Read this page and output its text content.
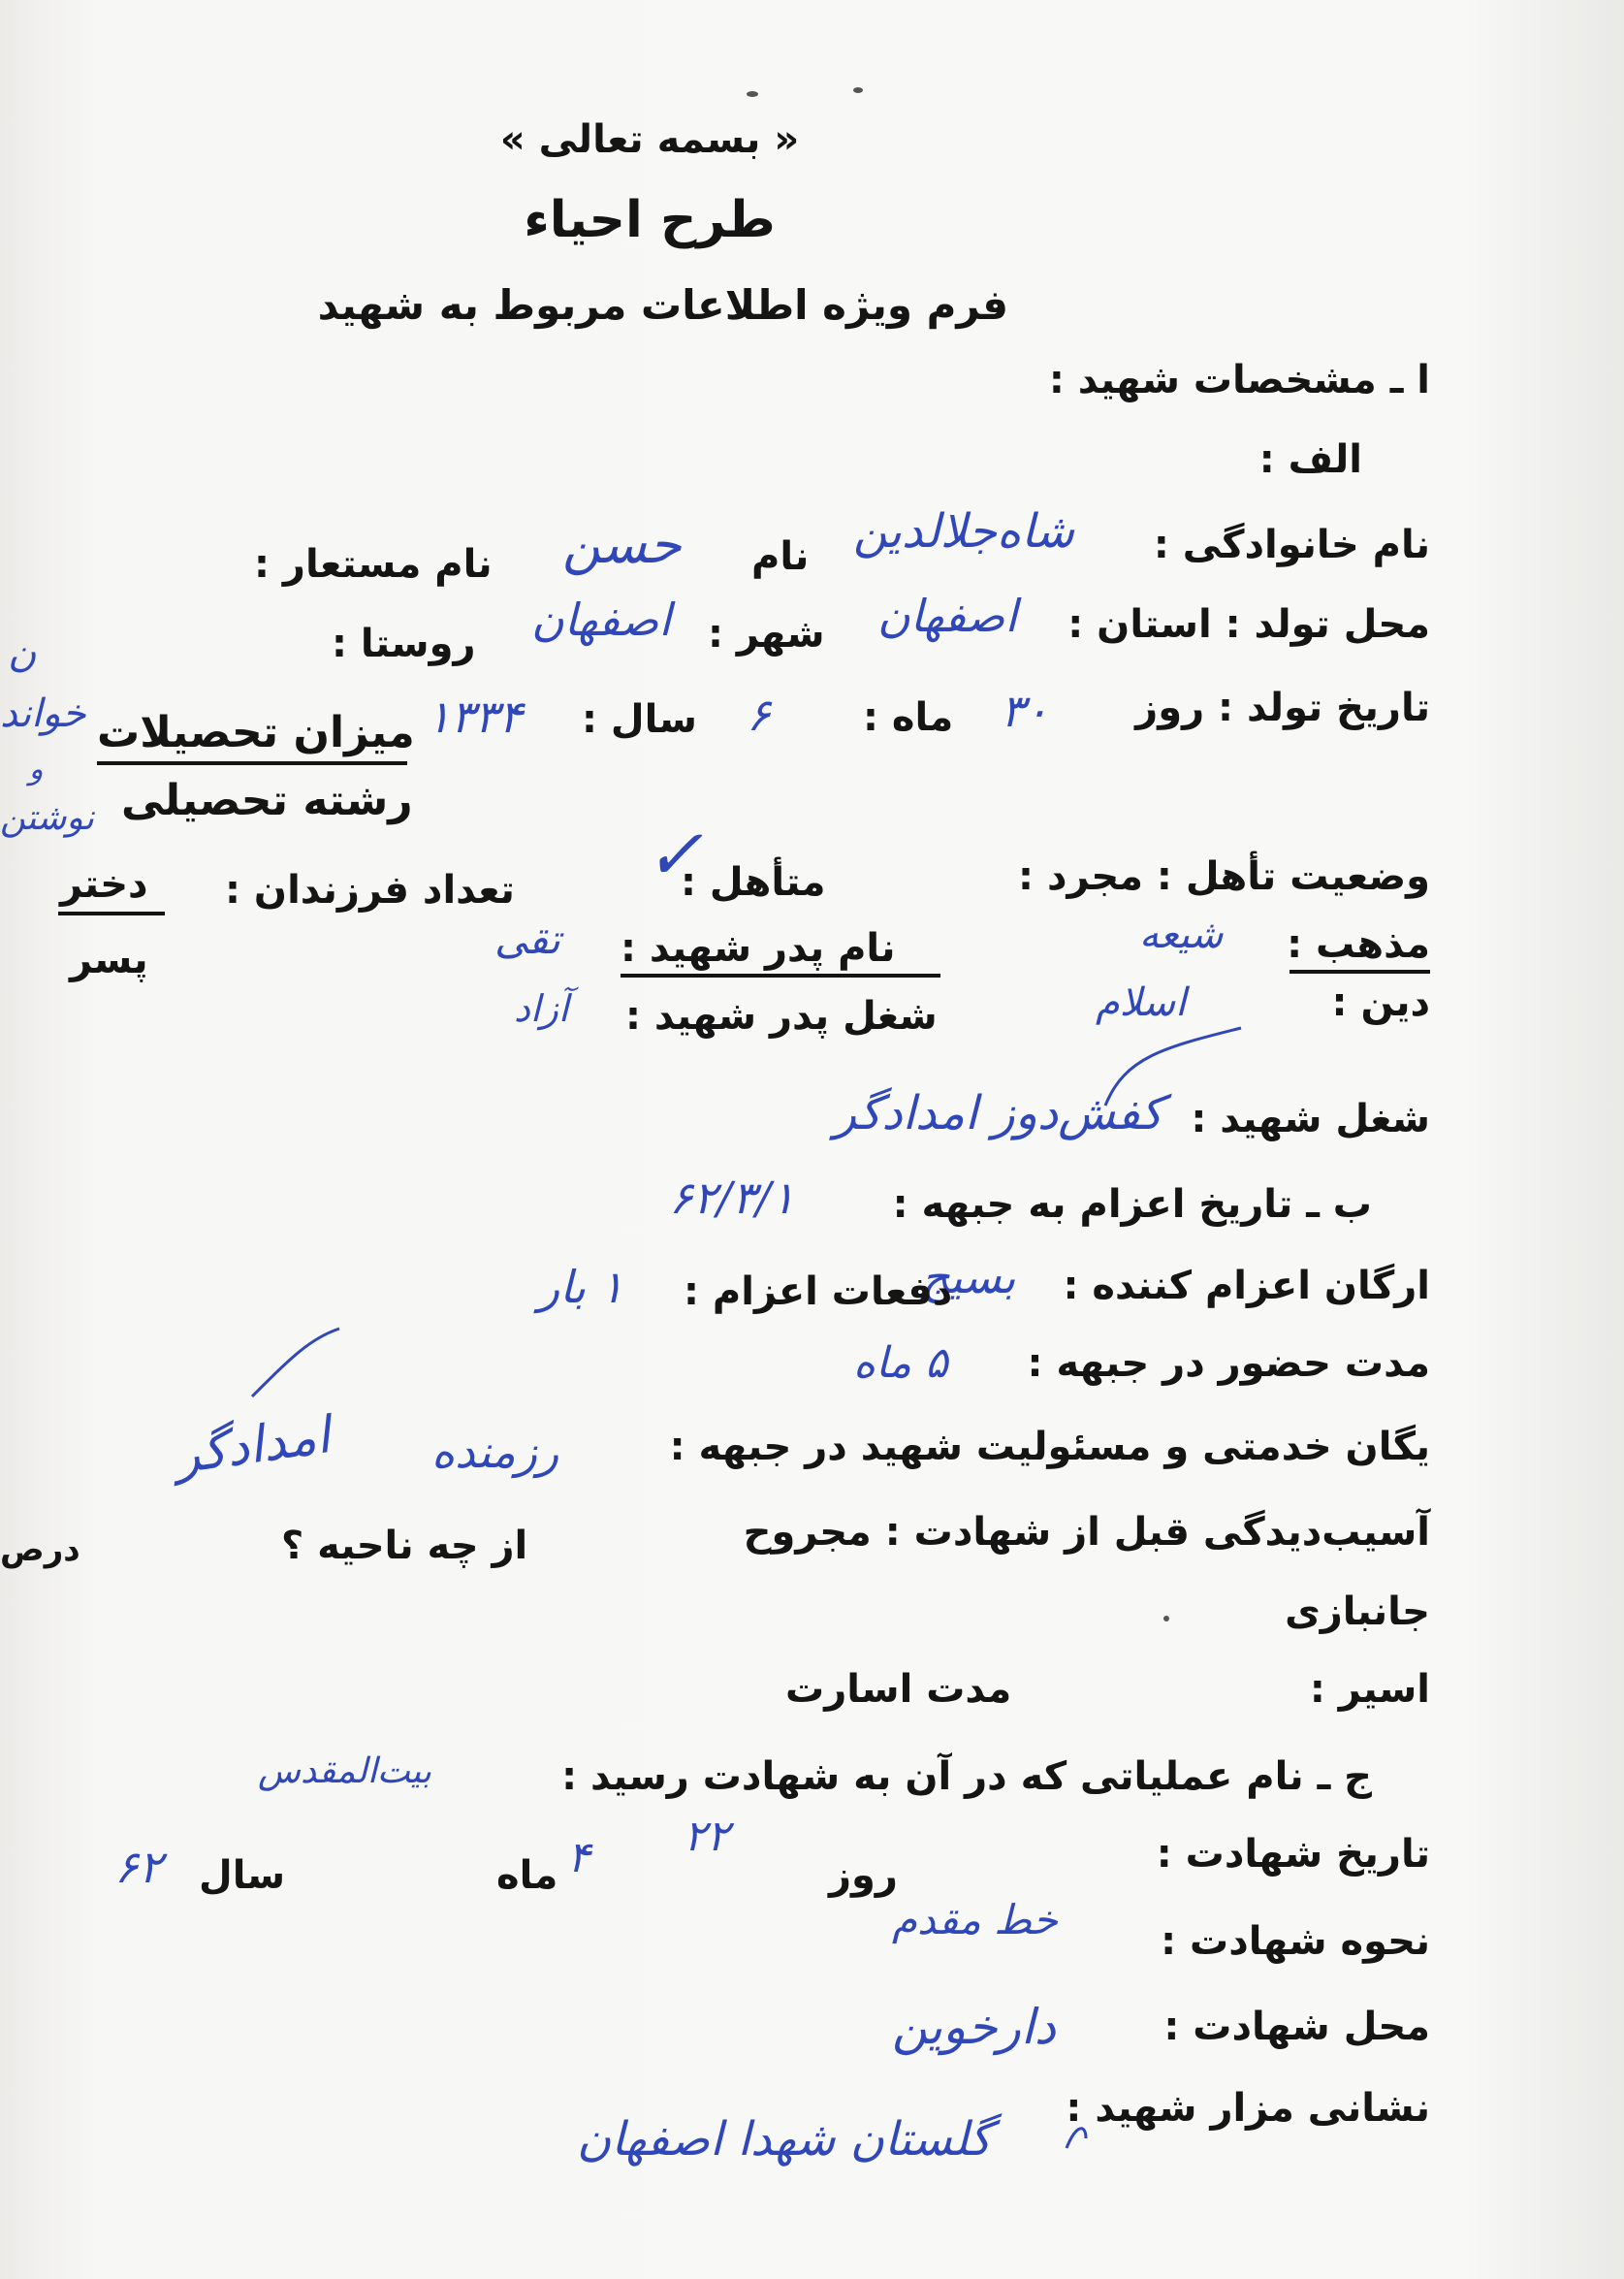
« بسمه تعالی »
طرح احیاء
فرم ویژه اطلاعات مربوط به شهید
ا ـ مشخصات شهید :
الف :
نام خانوادگی :
شاه‌جلالدین
نام
حسن
نام مستعار :
محل تولد : استان :
اصفهان
شهر :
اصفهان
روستا :
ن
تاریخ تولد : روز
۳۰
ماه :
۶
سال :
۱۳۳۴
میزان تحصیلات
خواند
و
رشته تحصیلی
نوشتن
وضعیت تأهل : مجرد :
متأهل :
✓
تعداد فرزندان :
دختر
پسر	مذهب :
شیعه
نام پدر شهید :
تقی
دین :
اسلام
شغل پدر شهید :
آزاد
شغل شهید :
کفش‌دوز امدادگر
ب ـ تاریخ اعزام به جبهه :
۶۲/۳/۱
ارگان اعزام کننده :
بسیج
دفعات اعزام :
۱ بار
مدت حضور در جبهه :
۵ ماه
یگان خدمتی و مسئولیت شهید در جبهه :
رزمنده
امدادگر
آسیب‌دیدگی قبل از شهادت : مجروح
از چه ناحیه ؟
درص
جانبازی
اسیر :
مدت اسارت
ج ـ نام عملیاتی که در آن به شهادت رسید :
بیت‌المقدس
تاریخ شهادت :
۲۲
روز
۴
ماه
سال
۶۲
نحوه شهادت :
خط مقدم
محل شهادت :
دارخوین
نشانی مزار شهید :
گلستان شهدا اصفهان
